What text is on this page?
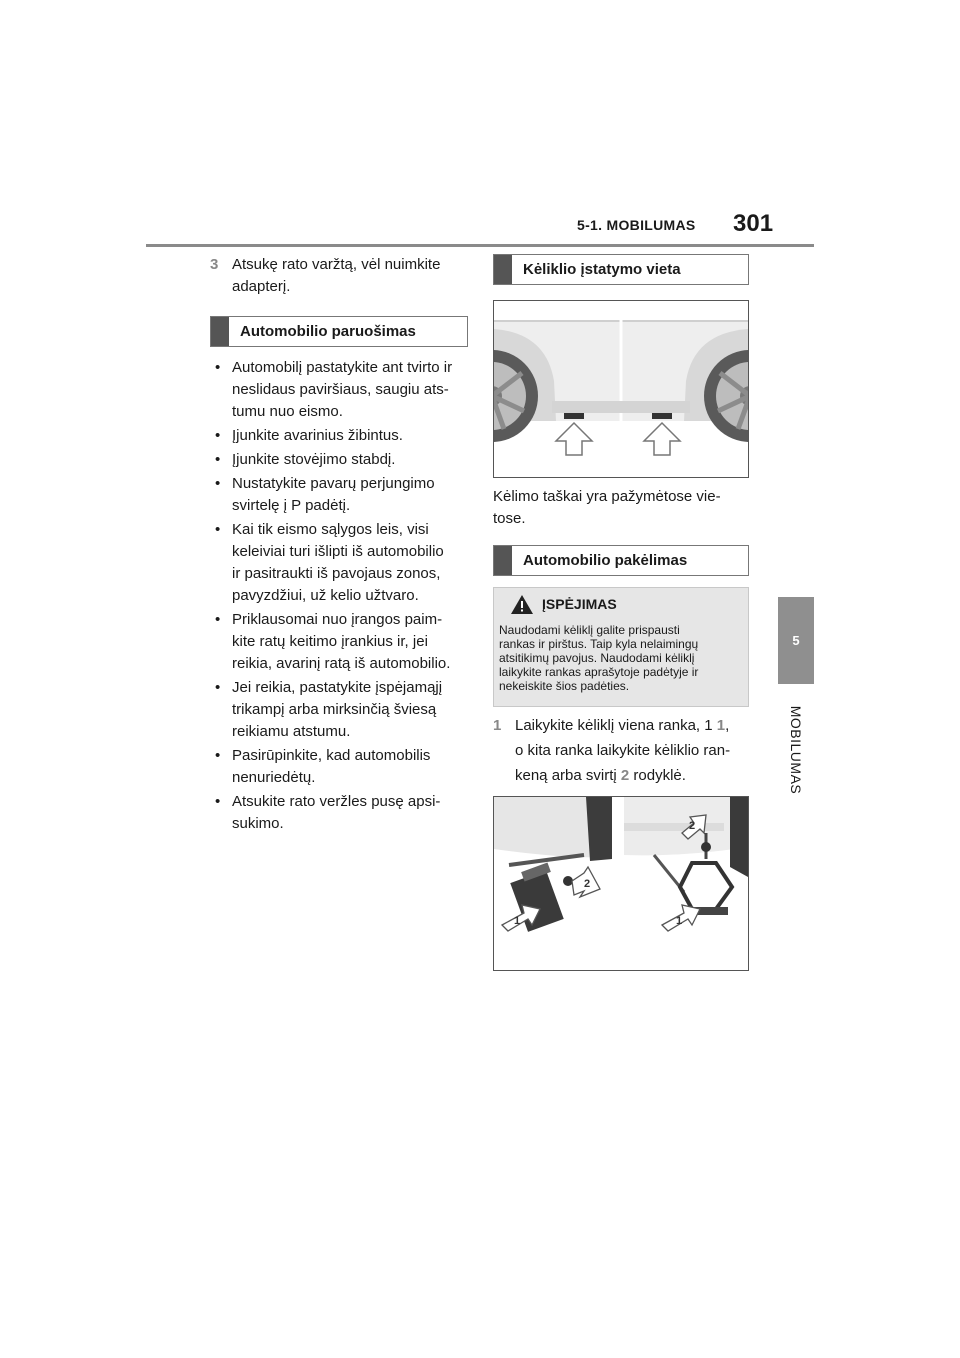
5-1. MOBILUMAS 301
5
MOBILUMAS
3 Atsukę rato varžtą, vėl nuimkite
adapterį.
Automobilio paruošimas
• Automobilį pastatykite ant tvirto ir
neslidaus paviršiaus, saugiu ats-
tumu nuo eismo.
• Įjunkite avarinius žibintus.
• Įjunkite stovėjimo stabdį.
• Nustatykite pavarų perjungimo
svirtelę į P padėtį.
• Kai tik eismo sąlygos leis, visi
keleiviai turi išlipti iš automobilio
ir pasitraukti iš pavojaus zonos,
pavyzdžiui, už kelio užtvaro.
• Priklausomai nuo įrangos paim-
kite ratų keitimo įrankius ir, jei
reikia, avarinį ratą iš automobilio.
• Jei reikia, pastatykite įspėjamąjį
trikampį arba mirksinčią šviesą
reikiamu atstumu.
• Pasirūpinkite, kad automobilis
nenuriedėtų.
• Atsukite rato veržles pusę apsi-
sukimo.
Kėliklio įstatymo vieta
Kėlimo taškai yra pažymėtose vie-
tose.
Automobilio pakėlimas
ĮSPĖJIMAS
Naudodami kėliklį galite prispausti
rankas ir pirštus. Taip kyla nelaimingų
atsitikimų pavojus. Naudodami kėliklį
laikykite rankas aprašytoje padėtyje ir
nekeiskite šios padėties.
1 Laikykite kėliklį viena ranka, 1 1,
o kita ranka laikykite kėliklio ran-
keną arba svirtį 2 rodyklė.
1
2
2
1
